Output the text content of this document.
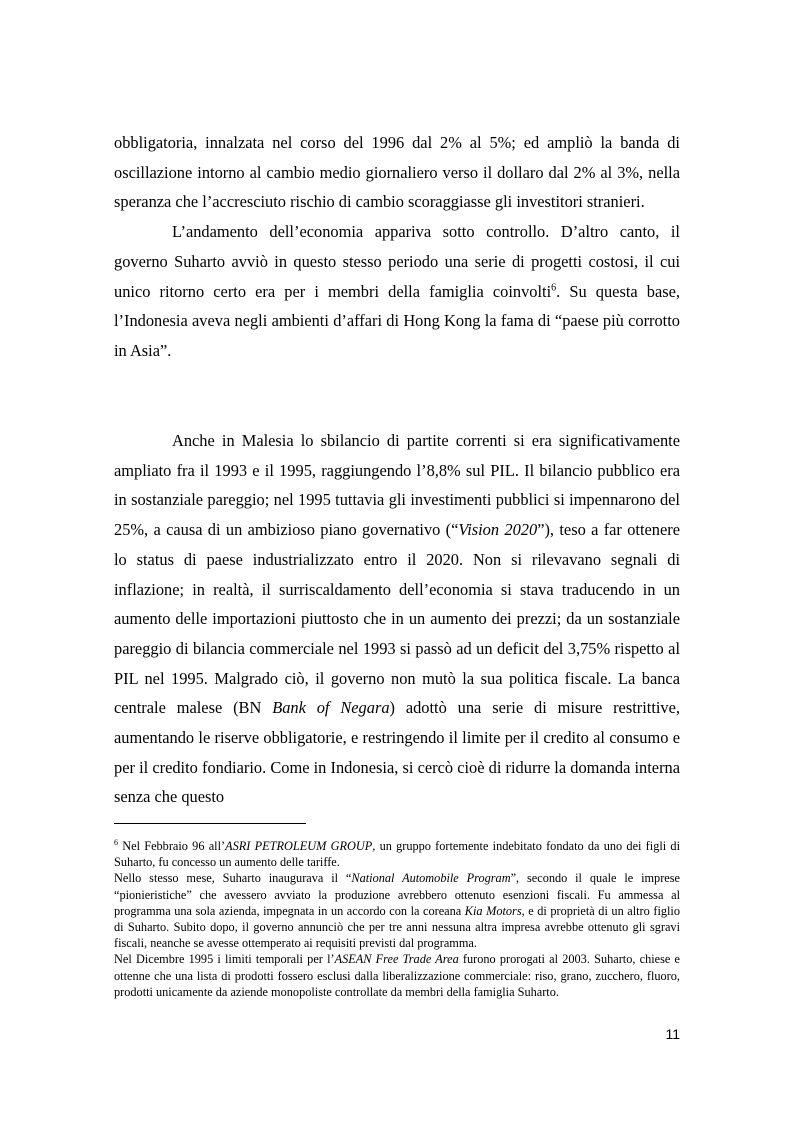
obbligatoria, innalzata nel corso del 1996 dal 2% al 5%; ed ampliò la banda di oscillazione intorno al cambio medio giornaliero verso il dollaro dal 2% al 3%, nella speranza che l’accresciuto rischio di cambio scoraggiasse gli investitori stranieri.

L’andamento dell’economia appariva sotto controllo. D’altro canto, il governo Suharto avviò in questo stesso periodo una serie di progetti costosi, il cui unico ritorno certo era per i membri della famiglia coinvolti$^6$. Su questa base, l’Indonesia aveva negli ambienti d’affari di Hong Kong la fama di “paese più corrotto in Asia”.

Anche in Malesia lo sbilancio di partite correnti si era significativamente ampliato fra il 1993 e il 1995, raggiungendo l’8,8% sul PIL. Il bilancio pubblico era in sostanziale pareggio; nel 1995 tuttavia gli investimenti pubblici si impennarono del 25%, a causa di un ambizioso piano governativo (“Vision 2020”), teso a far ottenere lo status di paese industrializzato entro il 2020. Non si rilevavano segnali di inflazione; in realtà, il surriscaldamento dell’economia si stava traducendo in un aumento delle importazioni piuttosto che in un aumento dei prezzi; da un sostanziale pareggio di bilancia commerciale nel 1993 si passò ad un deficit del 3,75% rispetto al PIL nel 1995. Malgrado ciò, il governo non mutò la sua politica fiscale. La banca centrale malese (BN Bank of Negara) adottò una serie di misure restrittive, aumentando le riserve obbligatorie, e restringendo il limite per il credito al consumo e per il credito fondiario. Come in Indonesia, si cercò cioè di ridurre la domanda interna senza che questo

$^6$ Nel Febbraio 96 all’ASRI PETROLEUM GROUP, un gruppo fortemente indebitato fondato da uno dei figli di Suharto, fu concesso un aumento delle tariffe.

Nello stesso mese, Suharto inaugurava il “National Automobile Program”, secondo il quale le imprese “pionieristiche” che avessero avviato la produzione avrebbero ottenuto esenzioni fiscali. Fu ammessa al programma una sola azienda, impegnata in un accordo con la coreana Kia Motors, e di proprietà di un altro figlio di Suharto. Subito dopo, il governo annunciò che per tre anni nessuna altra impresa avrebbe ottenuto gli sgravi fiscali, neanche se avesse ottemperato ai requisiti previsti dal programma.

Nel Dicembre 1995 i limiti temporali per l’ASEAN Free Trade Area furono prorogati al 2003. Suharto, chiese e ottenne che una lista di prodotti fossero esclusi dalla liberalizzazione commerciale: riso, grano, zucchero, fluoro, prodotti unicamente da aziende monopoliste controllate da membri della famiglia Suharto.

11
